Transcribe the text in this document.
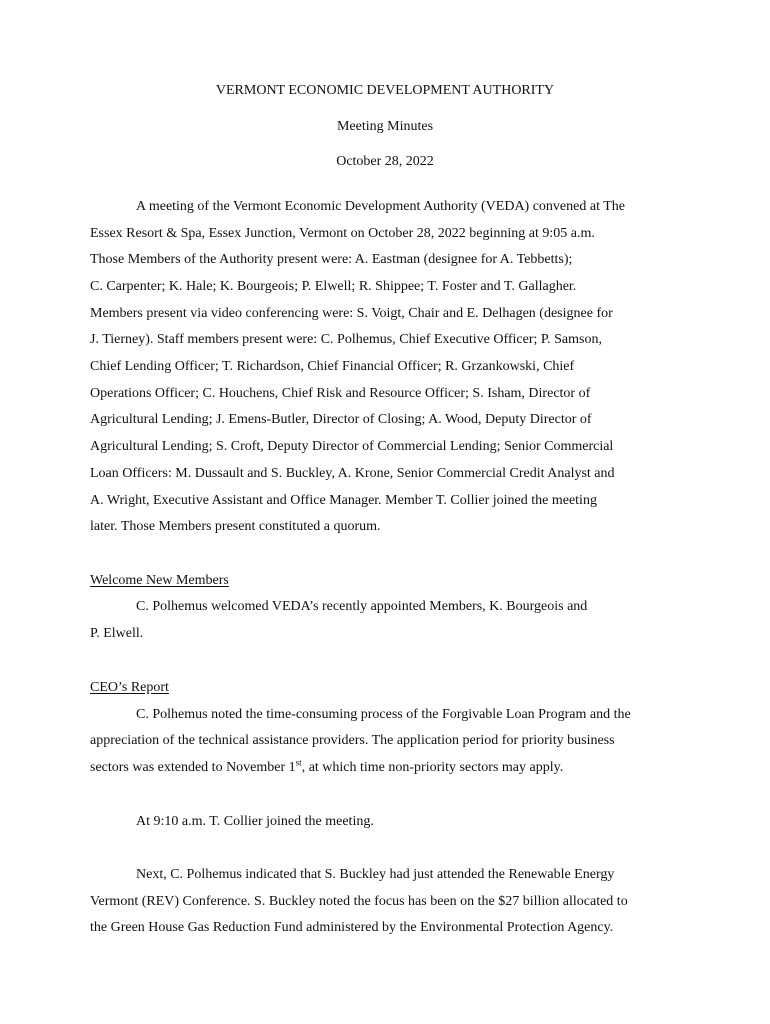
VERMONT ECONOMIC DEVELOPMENT AUTHORITY
Meeting Minutes
October 28, 2022
A meeting of the Vermont Economic Development Authority (VEDA) convened at The
Essex Resort & Spa, Essex Junction, Vermont on October 28, 2022 beginning at 9:05 a.m.
Those Members of the Authority present were: A. Eastman (designee for A. Tebbetts);
C. Carpenter; K. Hale; K. Bourgeois; P. Elwell; R. Shippee; T. Foster and T. Gallagher.
Members present via video conferencing were: S. Voigt, Chair and E. Delhagen (designee for
J. Tierney). Staff members present were: C. Polhemus, Chief Executive Officer; P. Samson,
Chief Lending Officer; T. Richardson, Chief Financial Officer; R. Grzankowski, Chief
Operations Officer; C. Houchens, Chief Risk and Resource Officer; S. Isham, Director of
Agricultural Lending; J. Emens-Butler, Director of Closing; A. Wood, Deputy Director of
Agricultural Lending; S. Croft, Deputy Director of Commercial Lending; Senior Commercial
Loan Officers: M. Dussault and S. Buckley, A. Krone, Senior Commercial Credit Analyst and
A. Wright, Executive Assistant and Office Manager. Member T. Collier joined the meeting
later. Those Members present constituted a quorum.
Welcome New Members
C. Polhemus welcomed VEDA’s recently appointed Members, K. Bourgeois and
P. Elwell.
CEO’s Report
C. Polhemus noted the time-consuming process of the Forgivable Loan Program and the
appreciation of the technical assistance providers. The application period for priority business
sectors was extended to November 1st, at which time non-priority sectors may apply.
At 9:10 a.m. T. Collier joined the meeting.
Next, C. Polhemus indicated that S. Buckley had just attended the Renewable Energy
Vermont (REV) Conference. S. Buckley noted the focus has been on the $27 billion allocated to
the Green House Gas Reduction Fund administered by the Environmental Protection Agency.
